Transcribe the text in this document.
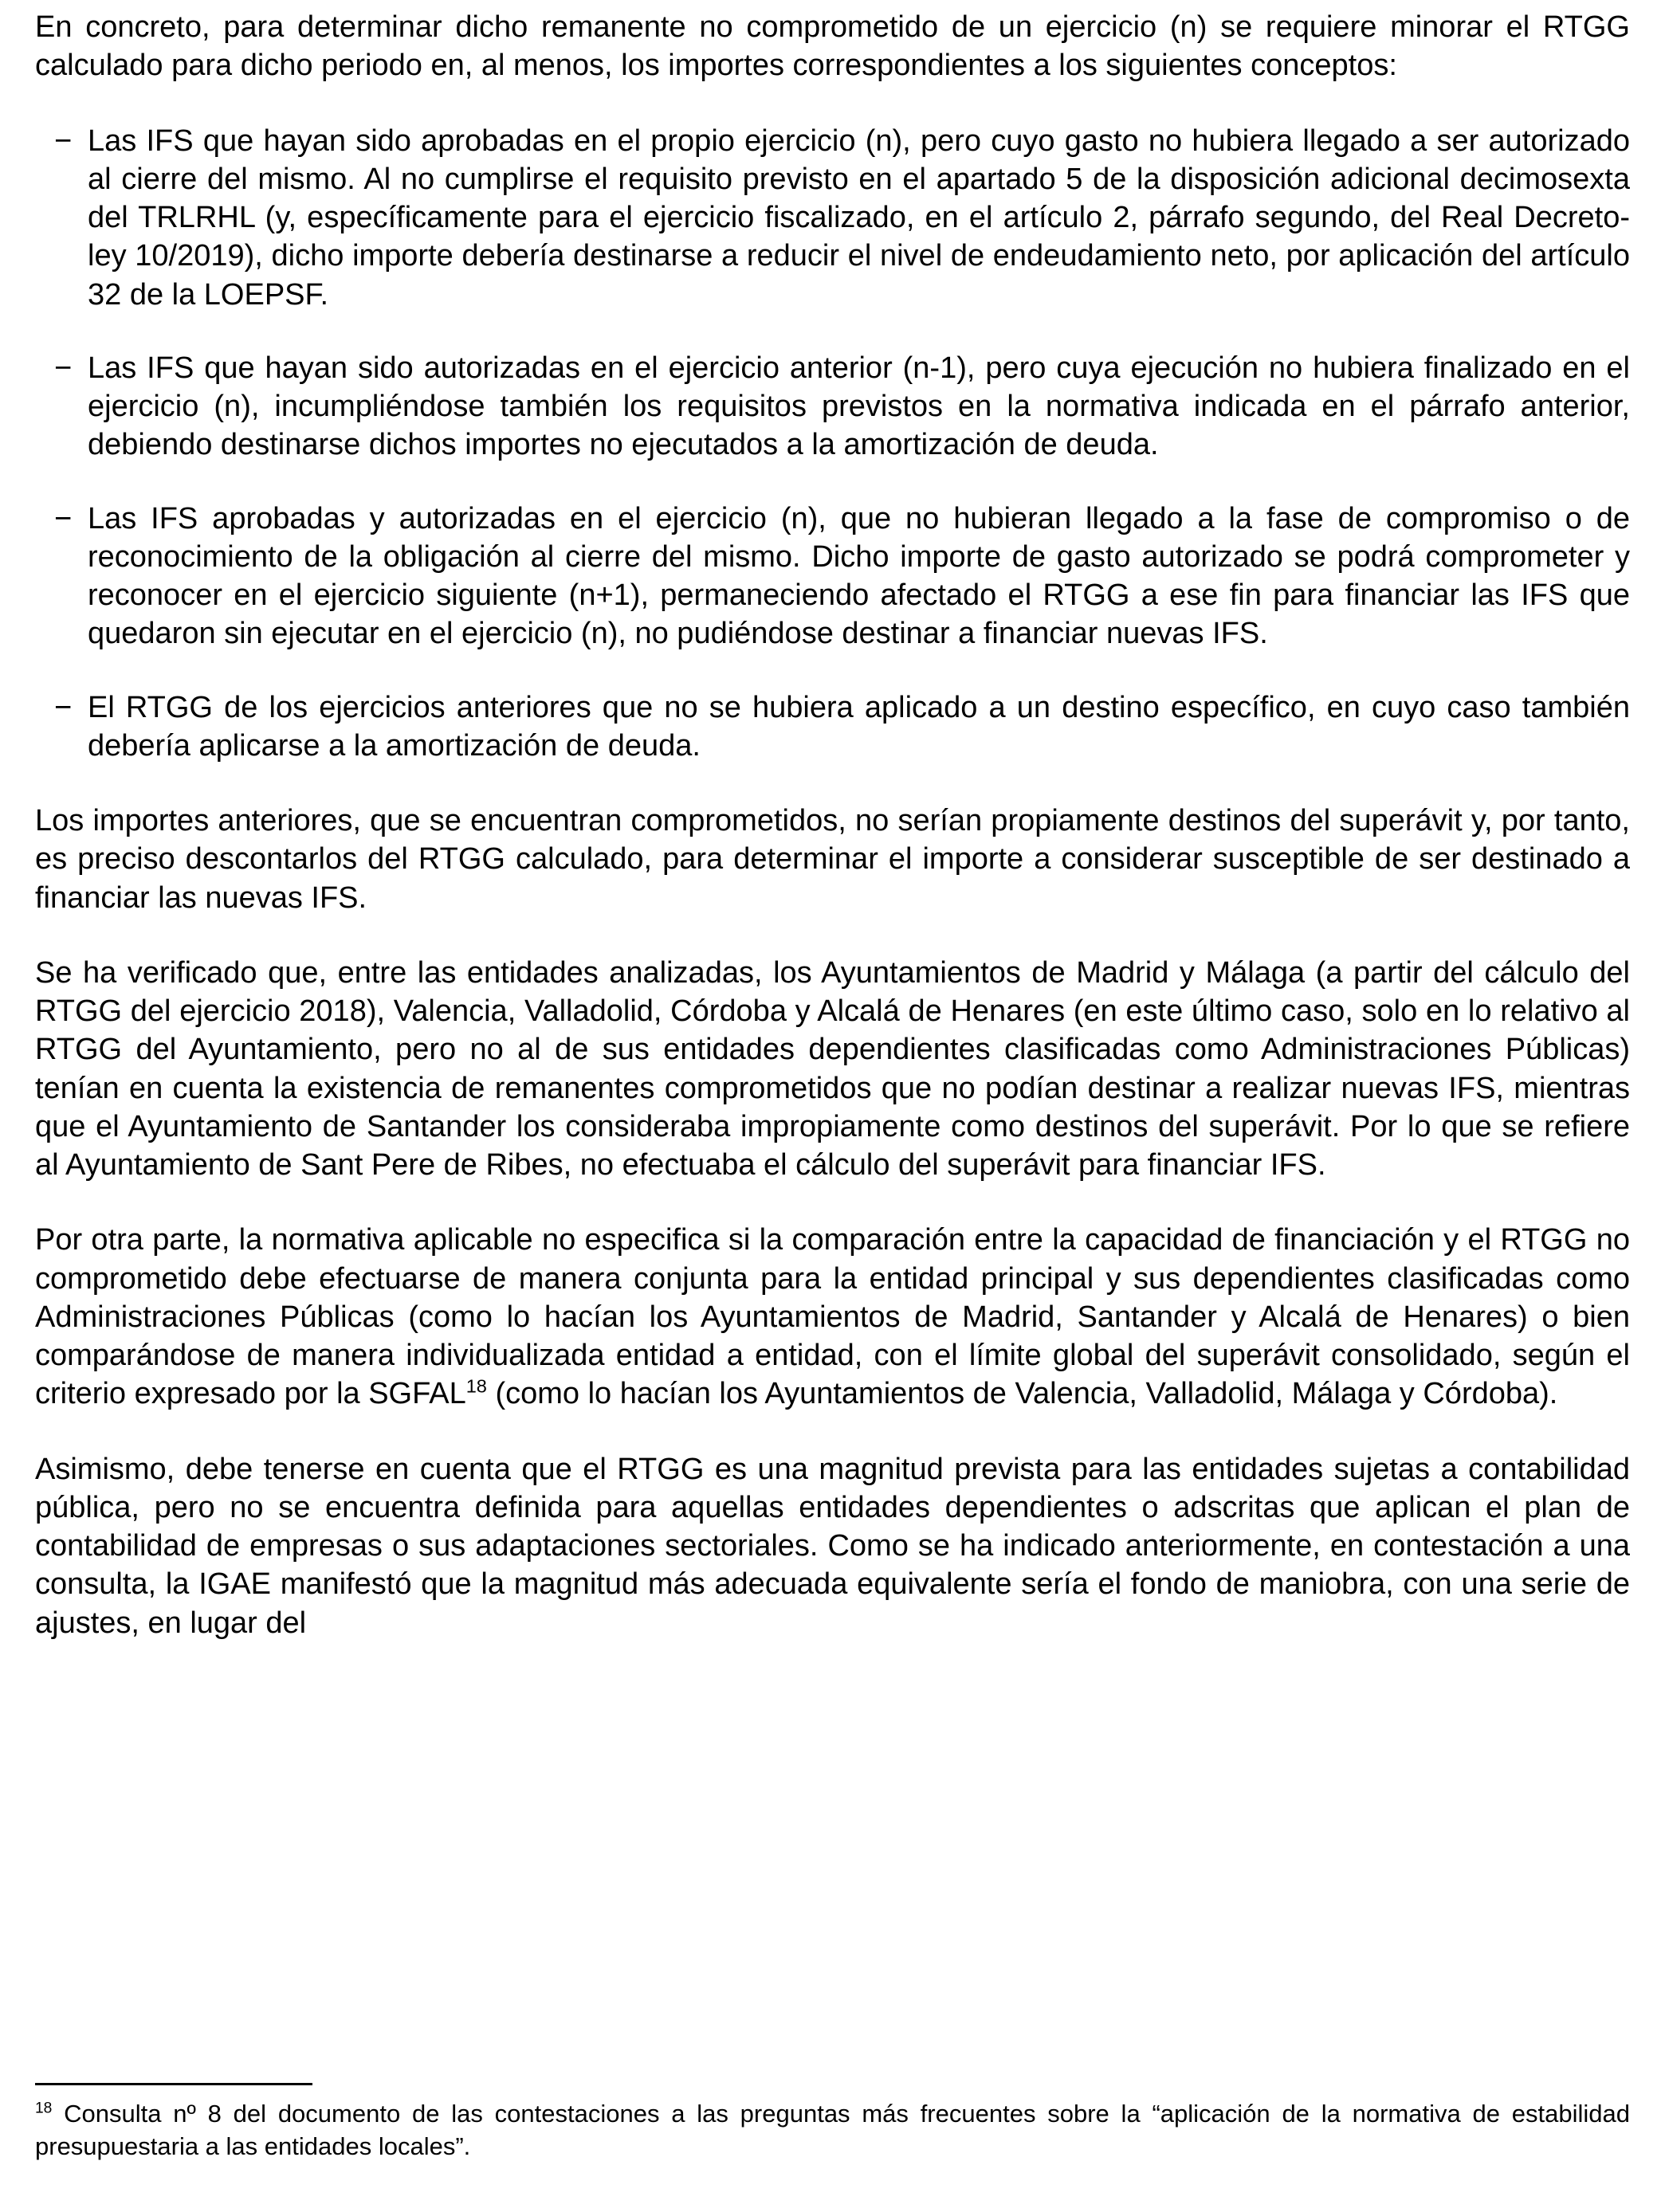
En concreto, para determinar dicho remanente no comprometido de un ejercicio (n) se requiere minorar el RTGG calculado para dicho periodo en, al menos, los importes correspondientes a los siguientes conceptos:

− Las IFS que hayan sido aprobadas en el propio ejercicio (n), pero cuyo gasto no hubiera llegado a ser autorizado al cierre del mismo. Al no cumplirse el requisito previsto en el apartado 5 de la disposición adicional decimosexta del TRLRHL (y, específicamente para el ejercicio fiscalizado, en el artículo 2, párrafo segundo, del Real Decreto-ley 10/2019), dicho importe debería destinarse a reducir el nivel de endeudamiento neto, por aplicación del artículo 32 de la LOEPSF.
− Las IFS que hayan sido autorizadas en el ejercicio anterior (n-1), pero cuya ejecución no hubiera finalizado en el ejercicio (n), incumpliéndose también los requisitos previstos en la normativa indicada en el párrafo anterior, debiendo destinarse dichos importes no ejecutados a la amortización de deuda.
− Las IFS aprobadas y autorizadas en el ejercicio (n), que no hubieran llegado a la fase de compromiso o de reconocimiento de la obligación al cierre del mismo. Dicho importe de gasto autorizado se podrá comprometer y reconocer en el ejercicio siguiente (n+1), permaneciendo afectado el RTGG a ese fin para financiar las IFS que quedaron sin ejecutar en el ejercicio (n), no pudiéndose destinar a financiar nuevas IFS.
− El RTGG de los ejercicios anteriores que no se hubiera aplicado a un destino específico, en cuyo caso también debería aplicarse a la amortización de deuda.

Los importes anteriores, que se encuentran comprometidos, no serían propiamente destinos del superávit y, por tanto, es preciso descontarlos del RTGG calculado, para determinar el importe a considerar susceptible de ser destinado a financiar las nuevas IFS.

Se ha verificado que, entre las entidades analizadas, los Ayuntamientos de Madrid y Málaga (a partir del cálculo del RTGG del ejercicio 2018), Valencia, Valladolid, Córdoba y Alcalá de Henares (en este último caso, solo en lo relativo al RTGG del Ayuntamiento, pero no al de sus entidades dependientes clasificadas como Administraciones Públicas) tenían en cuenta la existencia de remanentes comprometidos que no podían destinar a realizar nuevas IFS, mientras que el Ayuntamiento de Santander los consideraba impropiamente como destinos del superávit. Por lo que se refiere al Ayuntamiento de Sant Pere de Ribes, no efectuaba el cálculo del superávit para financiar IFS.

Por otra parte, la normativa aplicable no especifica si la comparación entre la capacidad de financiación y el RTGG no comprometido debe efectuarse de manera conjunta para la entidad principal y sus dependientes clasificadas como Administraciones Públicas (como lo hacían los Ayuntamientos de Madrid, Santander y Alcalá de Henares) o bien comparándose de manera individualizada entidad a entidad, con el límite global del superávit consolidado, según el criterio expresado por la SGFAL$^{18}$ (como lo hacían los Ayuntamientos de Valencia, Valladolid, Málaga y Córdoba).

Asimismo, debe tenerse en cuenta que el RTGG es una magnitud prevista para las entidades sujetas a contabilidad pública, pero no se encuentra definida para aquellas entidades dependientes o adscritas que aplican el plan de contabilidad de empresas o sus adaptaciones sectoriales. Como se ha indicado anteriormente, en contestación a una consulta, la IGAE manifestó que la magnitud más adecuada equivalente sería el fondo de maniobra, con una serie de ajustes, en lugar del

$^{18}$ Consulta nº 8 del documento de las contestaciones a las preguntas más frecuentes sobre la “aplicación de la normativa de estabilidad presupuestaria a las entidades locales”.
